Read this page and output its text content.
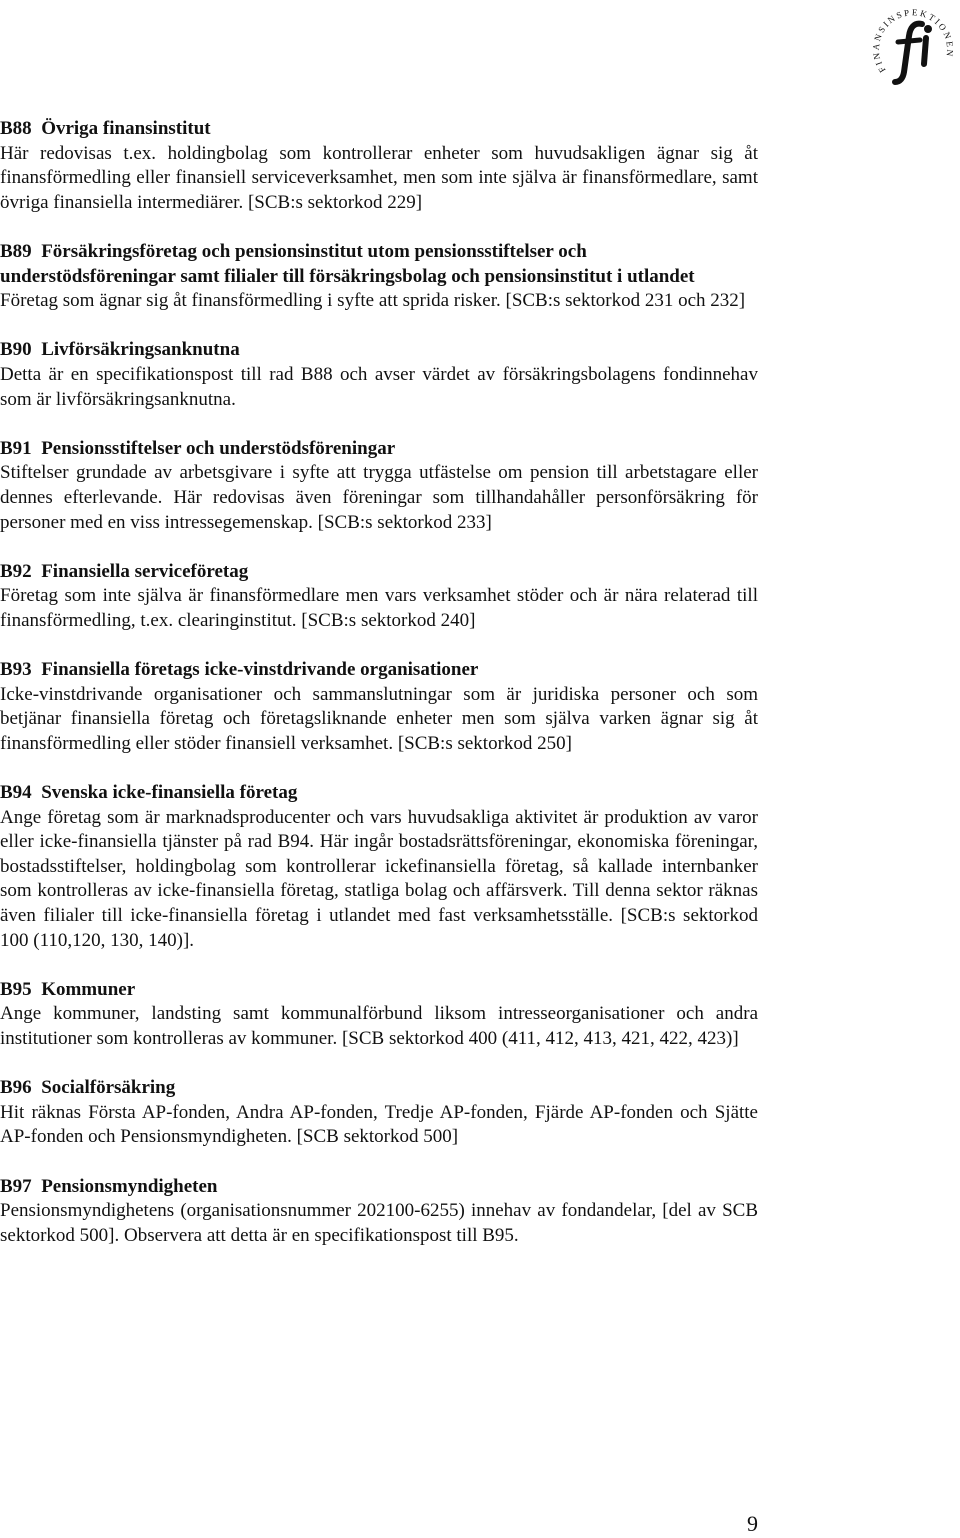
FINANSINSPEKTIONEN
B88 Övriga finansinstitut

Här redovisas t.ex. holdingbolag som kontrollerar enheter som huvudsakligen ägnar sig åt finansförmedling eller finansiell serviceverksamhet, men som inte själva är finansförmedlare, samt övriga finansiella intermediärer. [SCB:s sektorkod 229]

B89 Försäkringsföretag och pensionsinstitut utom pensionsstiftelser och understödsföreningar samt filialer till försäkringsbolag och pensionsinstitut i utlandet

Företag som ägnar sig åt finansförmedling i syfte att sprida risker. [SCB:s sektorkod 231 och 232]

B90 Livförsäkringsanknutna

Detta är en specifikationspost till rad B88 och avser värdet av försäkringsbolagens fondinnehav som är livförsäkringsanknutna.

B91 Pensionsstiftelser och understödsföreningar

Stiftelser grundade av arbetsgivare i syfte att trygga utfästelse om pension till arbetstagare eller dennes efterlevande. Här redovisas även föreningar som tillhandahåller personförsäkring för personer med en viss intressegemenskap. [SCB:s sektorkod 233]

B92 Finansiella serviceföretag

Företag som inte själva är finansförmedlare men vars verksamhet stöder och är nära relaterad till finansförmedling, t.ex. clearinginstitut. [SCB:s sektorkod 240]

B93 Finansiella företags icke-vinstdrivande organisationer

Icke-vinstdrivande organisationer och sammanslutningar som är juridiska personer och som betjänar finansiella företag och företagsliknande enheter men som själva varken ägnar sig åt finansförmedling eller stöder finansiell verksamhet. [SCB:s sektorkod 250]

B94 Svenska icke-finansiella företag

Ange företag som är marknadsproducenter och vars huvudsakliga aktivitet är produktion av varor eller icke-finansiella tjänster på rad B94. Här ingår bostadsrättsföreningar, ekonomiska föreningar, bostadsstiftelser, holdingbolag som kontrollerar ickefinansiella företag, så kallade internbanker som kontrolleras av icke-finansiella företag, statliga bolag och affärsverk. Till denna sektor räknas även filialer till icke-finansiella företag i utlandet med fast verksamhetsställe. [SCB:s sektorkod 100 (110,120, 130, 140)].

B95 Kommuner

Ange kommuner, landsting samt kommunalförbund liksom intresseorganisationer och andra institutioner som kontrolleras av kommuner. [SCB sektorkod 400 (411, 412, 413, 421, 422, 423)]

B96 Socialförsäkring

Hit räknas Första AP-fonden, Andra AP-fonden, Tredje AP-fonden, Fjärde AP-fonden och Sjätte AP-fonden och Pensionsmyndigheten. [SCB sektorkod 500]

B97 Pensionsmyndigheten

Pensionsmyndighetens (organisationsnummer 202100-6255) innehav av fondandelar, [del av SCB sektorkod 500]. Observera att detta är en specifikationspost till B95.

9
